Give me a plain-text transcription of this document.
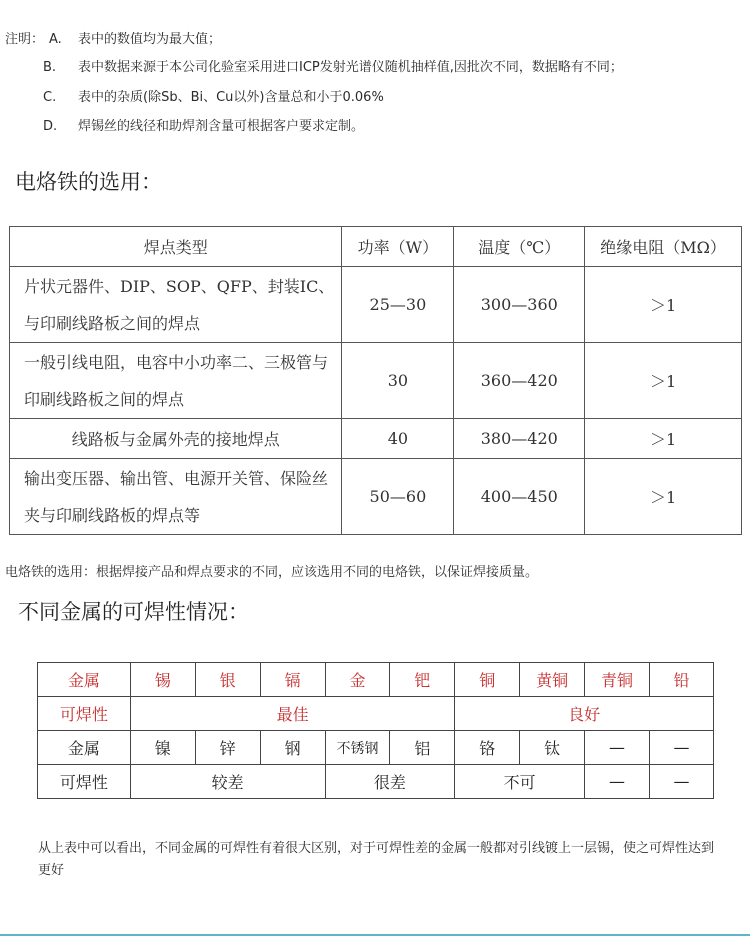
注明： A. 表中的数值均为最大值；
B. 表中数据来源于本公司化验室采用进口ICP发射光谱仪随机抽样值,因批次不同，数据略有不同；
C. 表中的杂质(除Sb、Bi、Cu以外)含量总和小于0.06%
D. 焊锡丝的线径和助焊剂含量可根据客户要求定制。
电烙铁的选用：
焊点类型	功率（W）	温度（℃）	绝缘电阻（MΩ）
片状元器件、DIP、SOP、QFP、封装IC、与印刷线路板之间的焊点	25—30	300—360	＞1
一般引线电阻，电容中小功率二、三极管与印刷线路板之间的焊点	30	360—420	＞1
线路板与金属外壳的接地焊点	40	380—420	＞1
输出变压器、输出管、电源开关管、保险丝夹与印刷线路板的焊点等	50—60	400—450	＞1
电烙铁的选用：根据焊接产品和焊点要求的不同，应该选用不同的电烙铁，以保证焊接质量。
不同金属的可焊性情况：
金属	锡	银	镉	金	钯	铜	黄铜	青铜	铅
可焊性	最佳					良好			
金属	镍	锌	钢	不锈钢	铝	铬	钛	—	—
可焊性	较差			很差		不可		—	—
从上表中可以看出，不同金属的可焊性有着很大区别，对于可焊性差的金属一般都对引线镀上一层锡，使之可焊性达到更好
